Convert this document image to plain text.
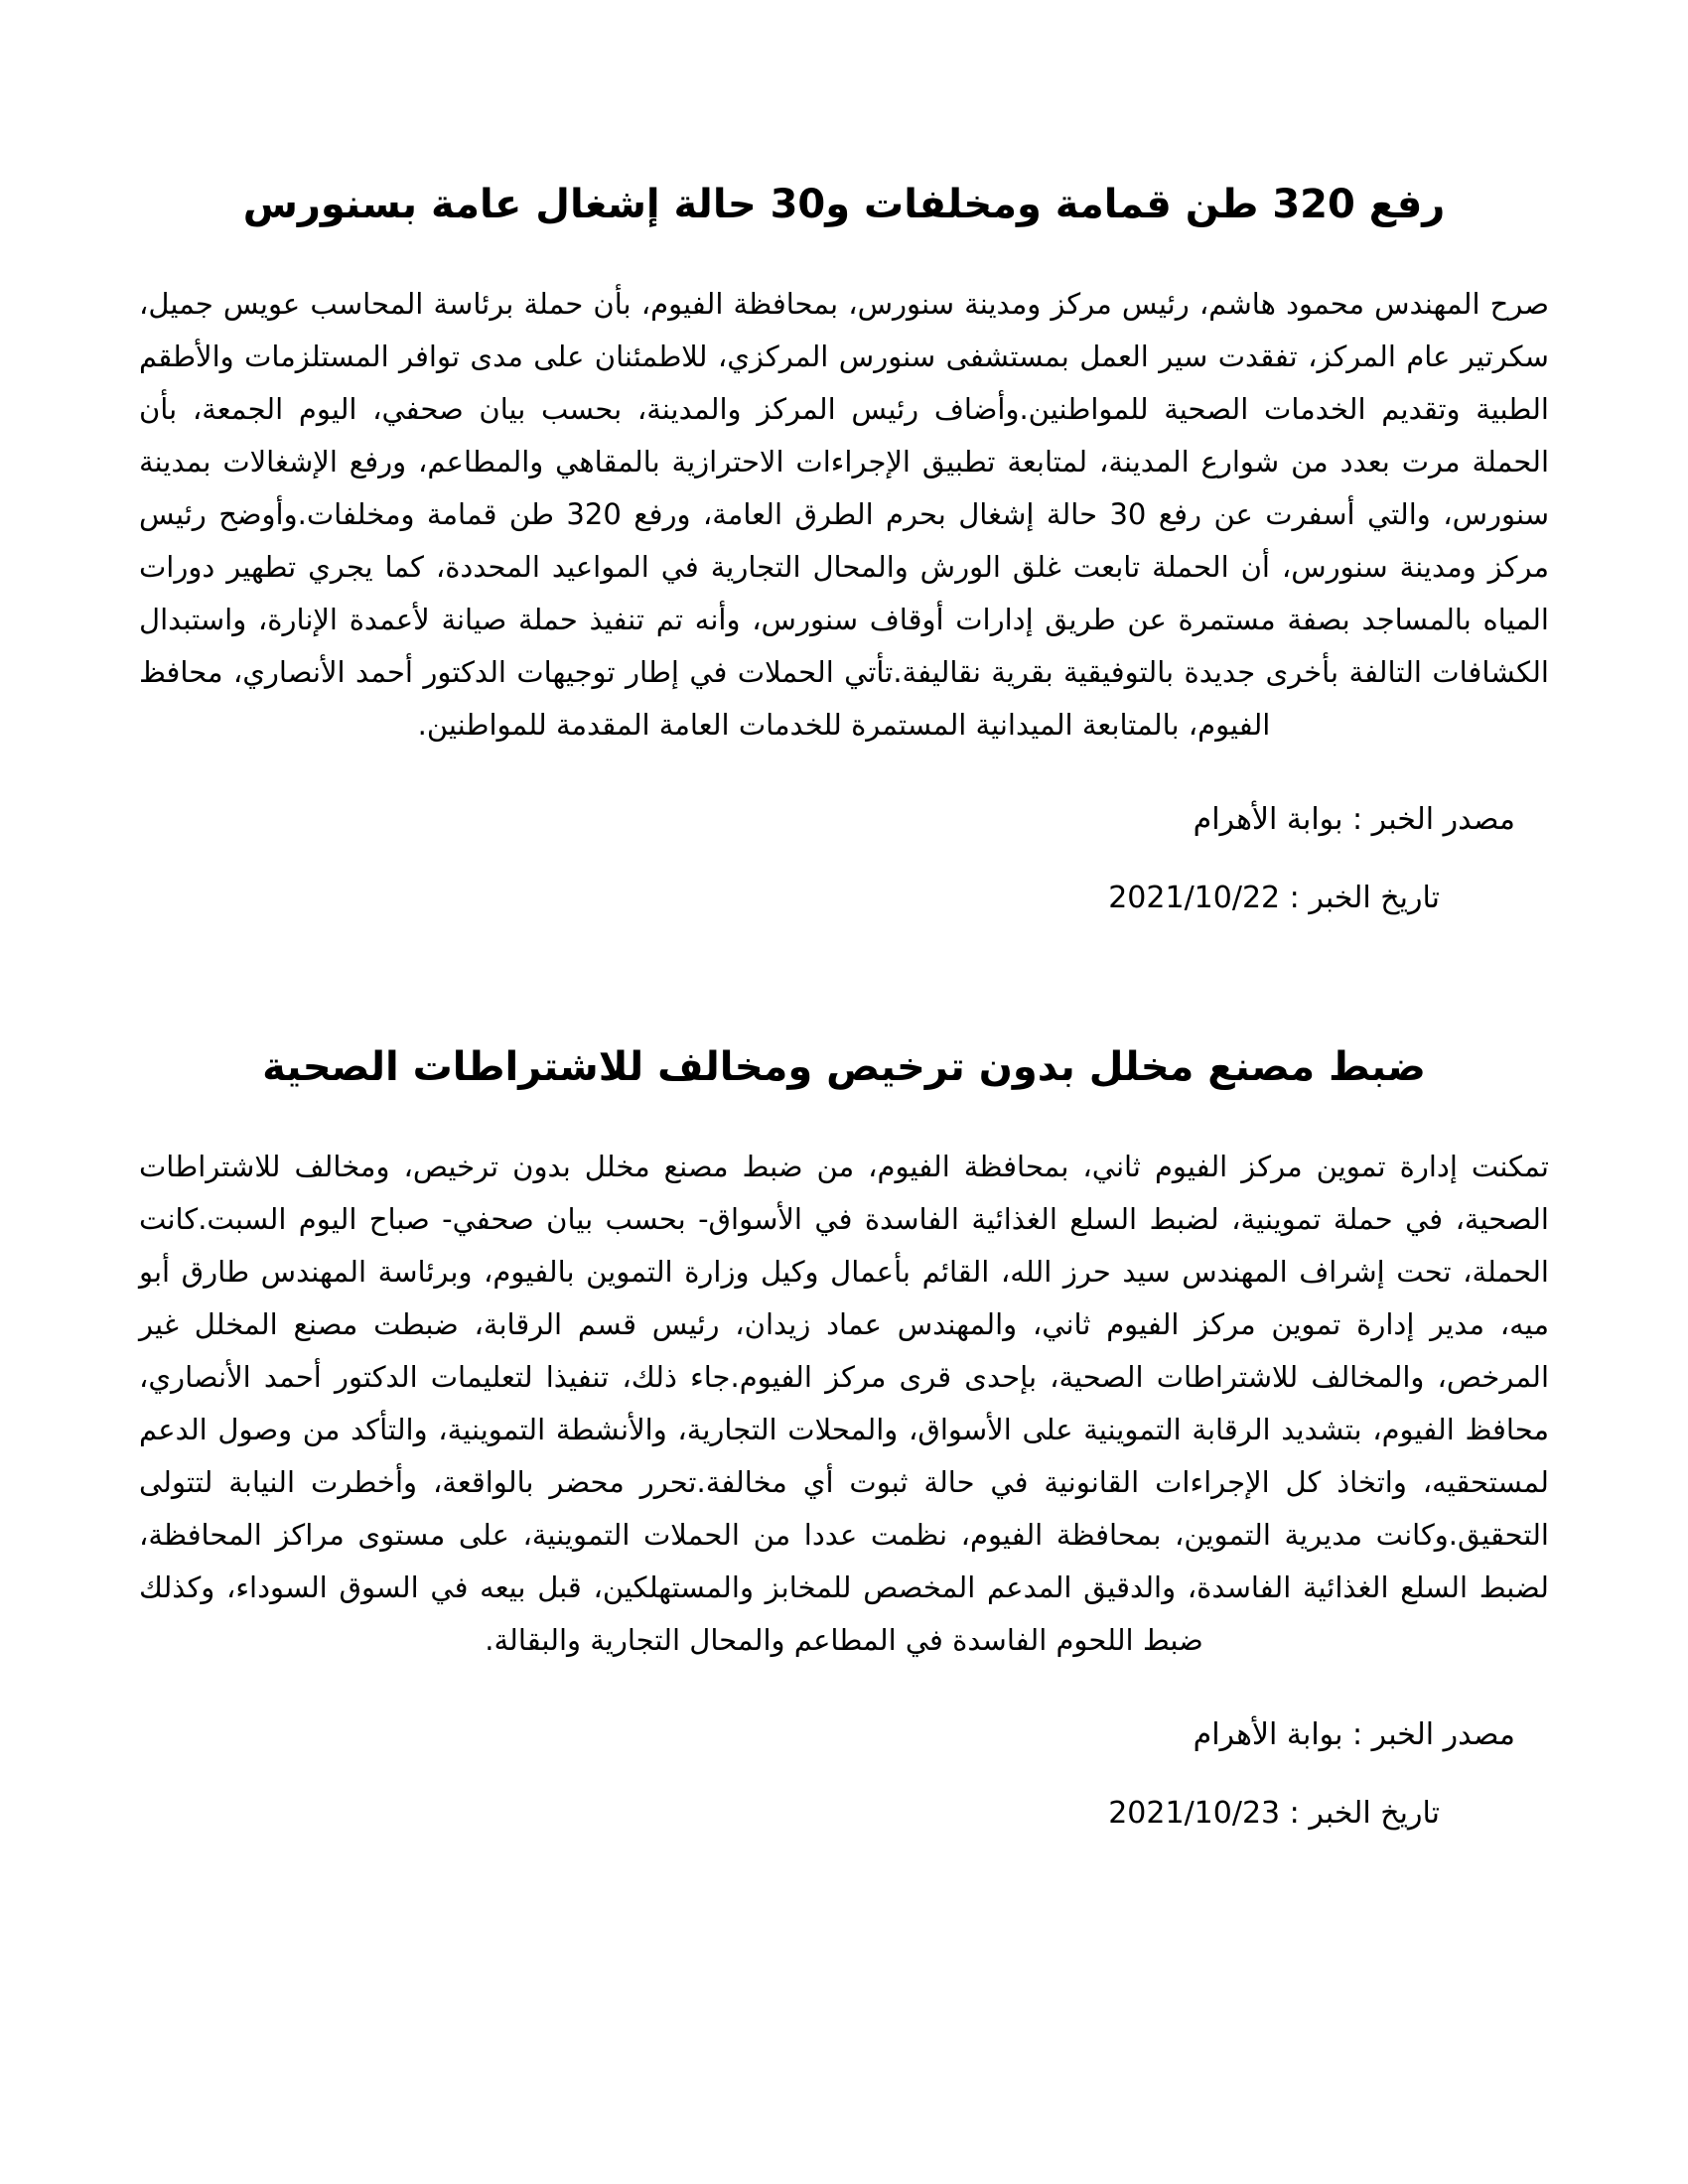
رفع 320 طن قمامة ومخلفات و30 حالة إشغال عامة بسنورس

صرح المهندس محمود هاشم، رئيس مركز ومدينة سنورس، بمحافظة الفيوم، بأن حملة برئاسة المحاسب عويس جميل، سكرتير عام المركز، تفقدت سير العمل بمستشفى سنورس المركزي، للاطمئنان على مدى توافر المستلزمات والأطقم الطبية وتقديم الخدمات الصحية للمواطنين.وأضاف رئيس المركز والمدينة، بحسب بيان صحفي، اليوم الجمعة، بأن الحملة مرت بعدد من شوارع المدينة، لمتابعة تطبيق الإجراءات الاحترازية بالمقاهي والمطاعم، ورفع الإشغالات بمدينة سنورس، والتي أسفرت عن رفع 30 حالة إشغال بحرم الطرق العامة، ورفع 320 طن قمامة ومخلفات.وأوضح رئيس مركز ومدينة سنورس، أن الحملة تابعت غلق الورش والمحال التجارية في المواعيد المحددة، كما يجري تطهير دورات المياه بالمساجد بصفة مستمرة عن طريق إدارات أوقاف سنورس، وأنه تم تنفيذ حملة صيانة لأعمدة الإنارة، واستبدال الكشافات التالفة بأخرى جديدة بالتوفيقية بقرية نقاليفة.تأتي الحملات في إطار توجيهات الدكتور أحمد الأنصاري، محافظ الفيوم، بالمتابعة الميدانية المستمرة للخدمات العامة المقدمة للمواطنين.

مصدر الخبر : بوابة الأهرام

تاريخ الخبر : 2021/10/22

ضبط مصنع مخلل بدون ترخيص ومخالف للاشتراطات الصحية

تمكنت إدارة تموين مركز الفيوم ثاني، بمحافظة الفيوم، من ضبط مصنع مخلل بدون ترخيص، ومخالف للاشتراطات الصحية، في حملة تموينية، لضبط السلع الغذائية الفاسدة في الأسواق- بحسب بيان صحفي- صباح اليوم السبت.كانت الحملة، تحت إشراف المهندس سيد حرز الله، القائم بأعمال وكيل وزارة التموين بالفيوم، وبرئاسة المهندس طارق أبو ميه، مدير إدارة تموين مركز الفيوم ثاني، والمهندس عماد زيدان، رئيس قسم الرقابة، ضبطت مصنع المخلل غير المرخص، والمخالف للاشتراطات الصحية، بإحدى قرى مركز الفيوم.جاء ذلك، تنفيذا لتعليمات الدكتور أحمد الأنصاري، محافظ الفيوم، بتشديد الرقابة التموينية على الأسواق، والمحلات التجارية، والأنشطة التموينية، والتأكد من وصول الدعم لمستحقيه، واتخاذ كل الإجراءات القانونية في حالة ثبوت أي مخالفة.تحرر محضر بالواقعة، وأخطرت النيابة لتتولى التحقيق.وكانت مديرية التموين، بمحافظة الفيوم، نظمت عددا من الحملات التموينية، على مستوى مراكز المحافظة، لضبط السلع الغذائية الفاسدة، والدقيق المدعم المخصص للمخابز والمستهلكين، قبل بيعه في السوق السوداء، وكذلك ضبط اللحوم الفاسدة في المطاعم والمحال التجارية والبقالة.

مصدر الخبر : بوابة الأهرام

تاريخ الخبر : 2021/10/23
